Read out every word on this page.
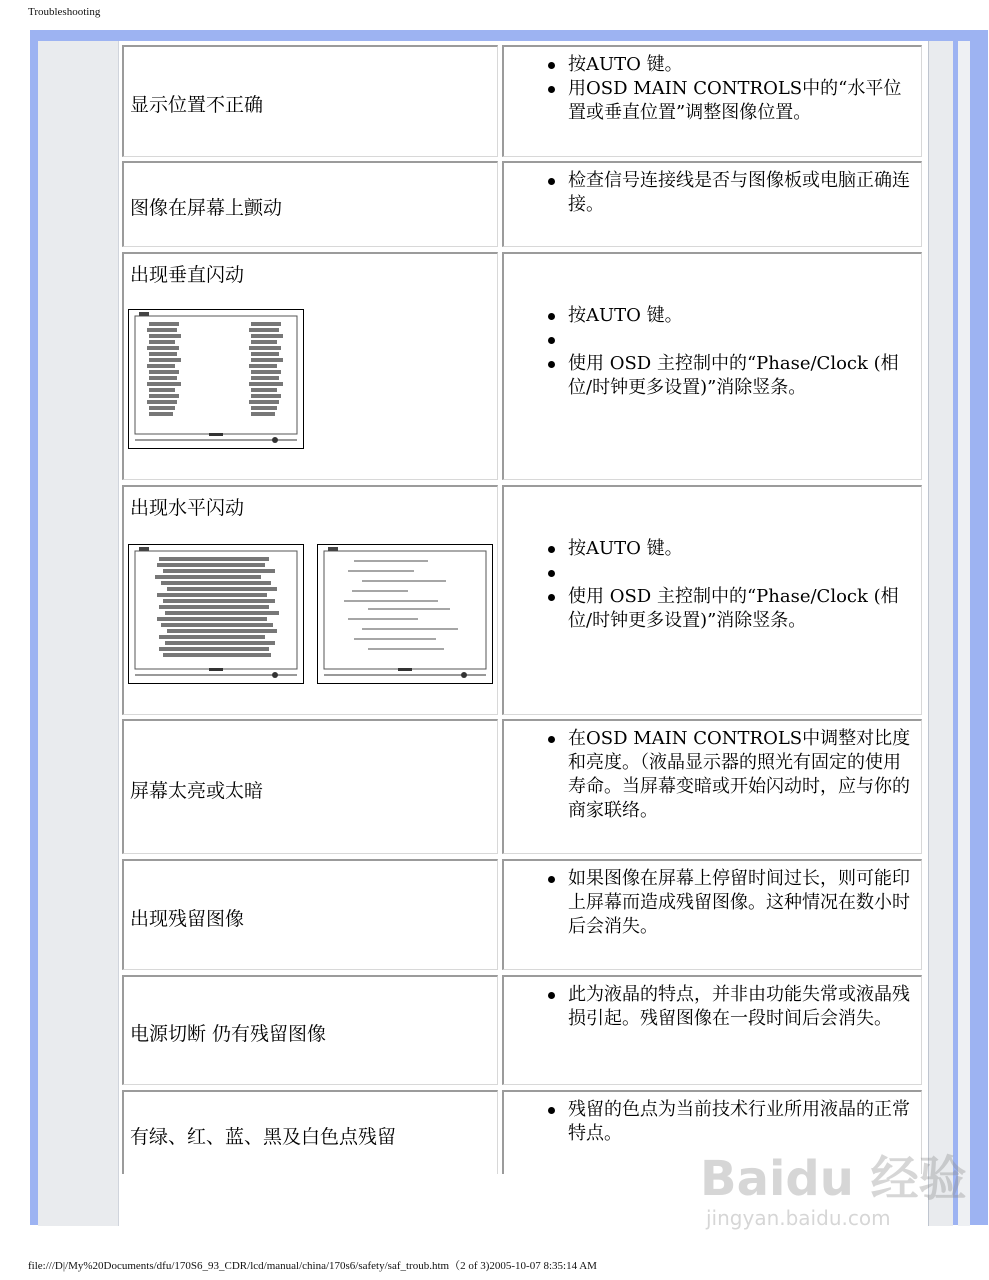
Troubleshooting
显示位置不正确
按AUTO 键。
用OSD MAIN CONTROLS中的“水平位置或垂直位置”调整图像位置。
图像在屏幕上颤动
检查信号连接线是否与图像板或电脑正确连接。
出现垂直闪动
按AUTO 键。
使用 OSD 主控制中的“Phase/Clock (相位/时钟更多设置)”消除竖条。
出现水平闪动
按AUTO 键。
使用 OSD 主控制中的“Phase/Clock (相位/时钟更多设置)”消除竖条。
屏幕太亮或太暗
在OSD MAIN CONTROLS中调整对比度和亮度。（液晶显示器的照光有固定的使用寿命。当屏幕变暗或开始闪动时，应与你的商家联络。
出现残留图像
如果图像在屏幕上停留时间过长，则可能印上屏幕而造成残留图像。这种情况在数小时后会消失。
电源切断 仍有残留图像
此为液晶的特点，并非由功能失常或液晶残损引起。残留图像在一段时间后会消失。
有绿、红、蓝、黑及白色点残留
残留的色点为当前技术行业所用液晶的正常特点。
Baidu 经验
jingyan.baidu.com
file:///D|/My%20Documents/dfu/170S6_93_CDR/lcd/manual/china/170s6/safety/saf_troub.htm（2 of 3)2005-10-07 8:35:14 AM
